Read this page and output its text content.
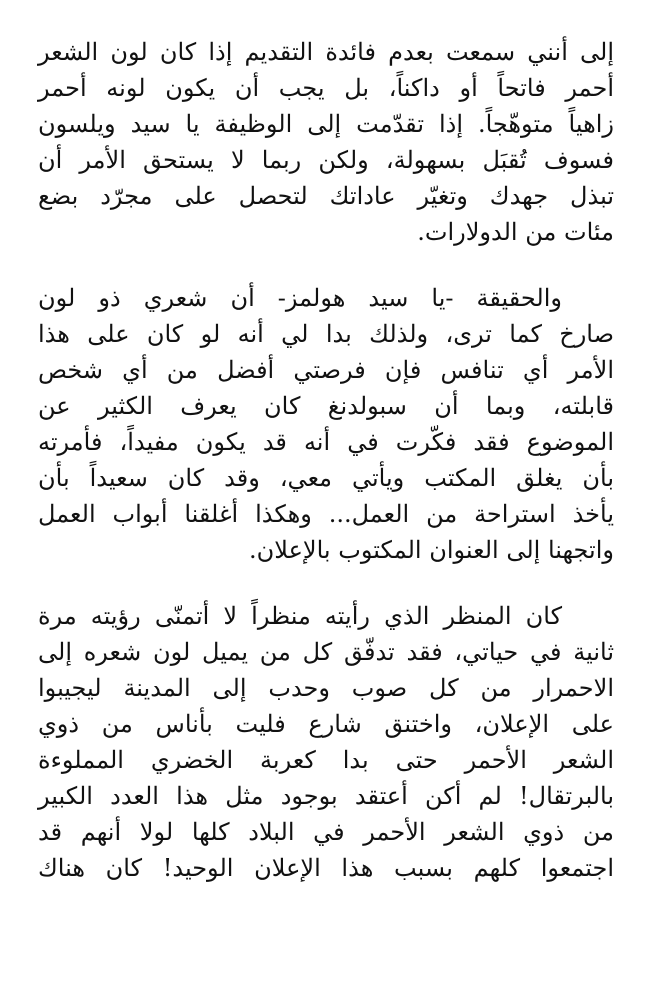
إلى أنني سمعت بعدم فائدة التقديم إذا كان لون الشعر
أحمر فاتحاً أو داكناً، بل يجب أن يكون لونه أحمر
زاهياً متوهّجاً. إذا تقدّمت إلى الوظيفة يا سيد ويلسون
فسوف تُقبَل بسهولة، ولكن ربما لا يستحق الأمر أن
تبذل جهدك وتغيّر عاداتك لتحصل على مجرّد بضع
مئات من الدولارات.

والحقيقة -يا سيد هولمز- أن شعري ذو لون
صارخ كما ترى، ولذلك بدا لي أنه لو كان على هذا
الأمر أي تنافس فإن فرصتي أفضل من أي شخص
قابلته، وبما أن سبولدنغ كان يعرف الكثير عن
الموضوع فقد فكّرت في أنه قد يكون مفيداً، فأمرته
بأن يغلق المكتب ويأتي معي، وقد كان سعيداً بأن
يأخذ استراحة من العمل... وهكذا أغلقنا أبواب العمل
واتجهنا إلى العنوان المكتوب بالإعلان.

كان المنظر الذي رأيته منظراً لا أتمنّى رؤيته مرة
ثانية في حياتي، فقد تدفّق كل من يميل لون شعره إلى
الاحمرار من كل صوب وحدب إلى المدينة ليجيبوا
على الإعلان، واختنق شارع فليت بأناس من ذوي
الشعر الأحمر حتى بدا كعربة الخضري المملوءة
بالبرتقال! لم أكن أعتقد بوجود مثل هذا العدد الكبير
من ذوي الشعر الأحمر في البلاد كلها لولا أنهم قد
اجتمعوا كلهم بسبب هذا الإعلان الوحيد! كان هناك
